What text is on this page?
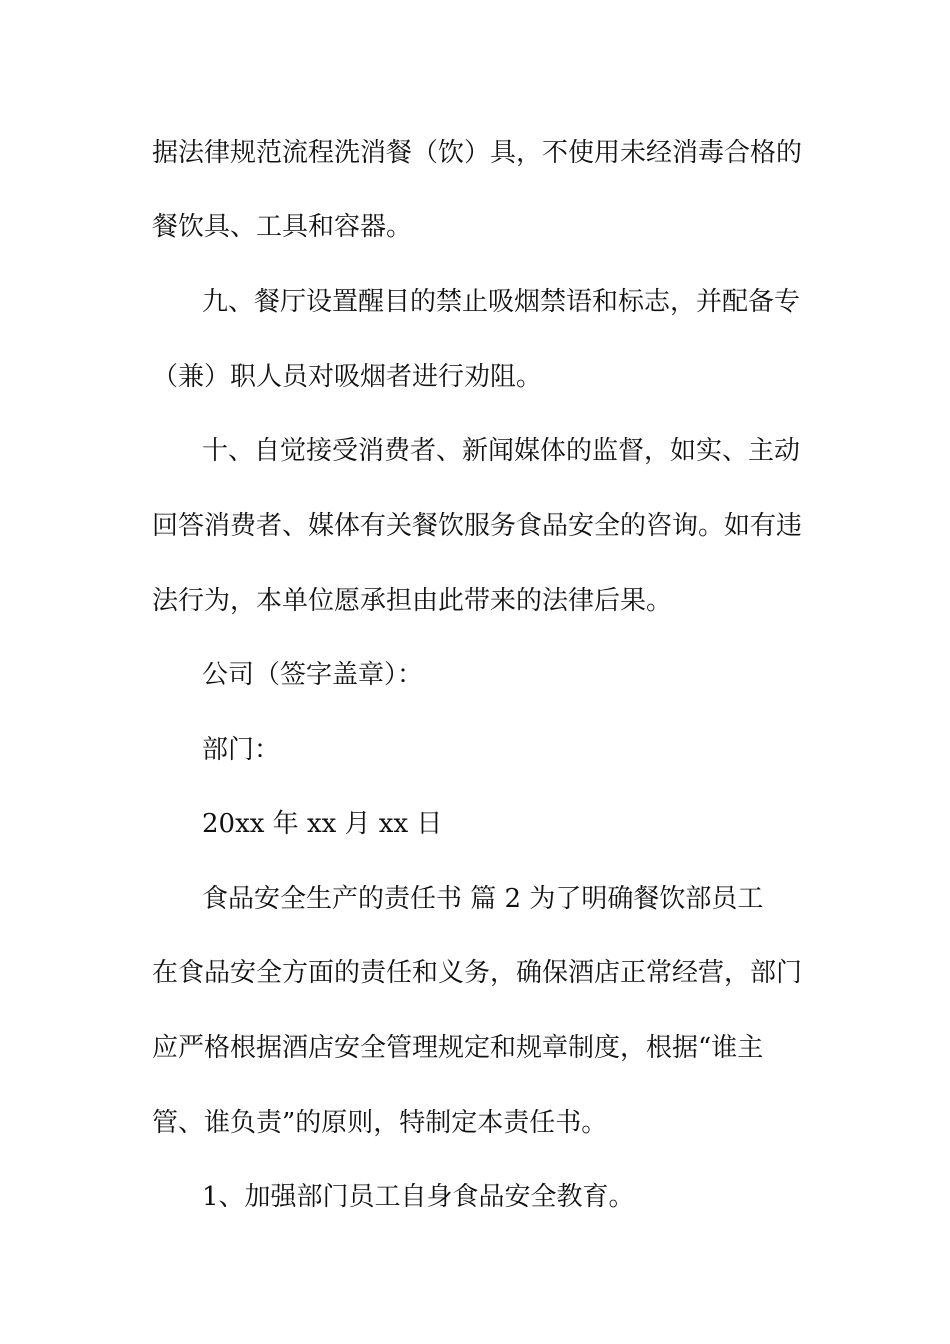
据法律规范流程洗消餐（饮）具，不使用未经消毒合格的
餐饮具、工具和容器。
九、餐厅设置醒目的禁止吸烟禁语和标志，并配备专
（兼）职人员对吸烟者进行劝阻。
十、自觉接受消费者、新闻媒体的监督，如实、主动
回答消费者、媒体有关餐饮服务食品安全的咨询。如有违
法行为，本单位愿承担由此带来的法律后果。
公司（签字盖章）：
部门：
20xx 年 xx 月 xx 日
食品安全生产的责任书 篇 2 为了明确餐饮部员工
在食品安全方面的责任和义务，确保酒店正常经营，部门
应严格根据酒店安全管理规定和规章制度，根据“谁主
管、谁负责”的原则，特制定本责任书。
1、加强部门员工自身食品安全教育。
